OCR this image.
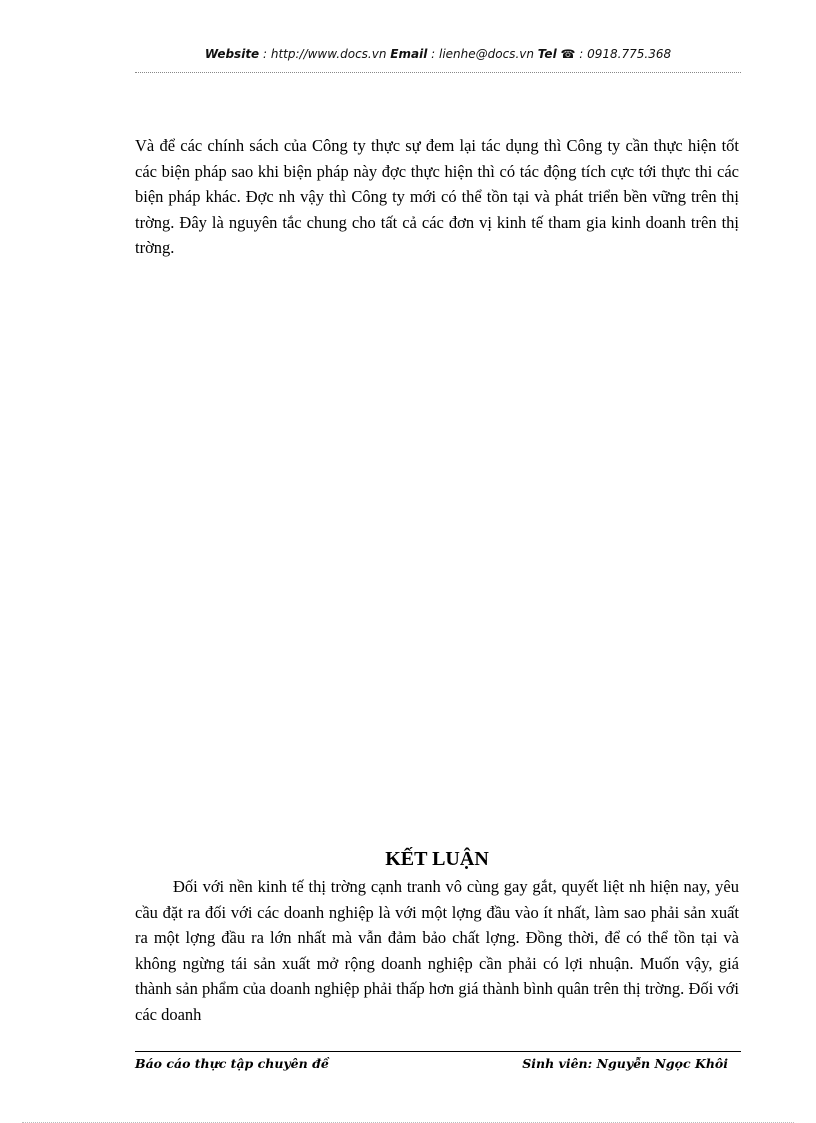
Website : http://www.docs.vn Email : lienhe@docs.vn Tel ☎ : 0918.775.368
Và để các chính sách của Công ty thực sự đem lại tác dụng thì Công ty cần thực hiện tốt các biện pháp sao khi biện pháp này đợc thực hiện thì có tác động tích cực tới thực thi các biện pháp khác. Đợc nh vậy thì Công ty mới có thể tồn tại và phát triển bền vững trên thị trờng. Đây là nguyên tắc chung cho tất cả các đơn vị kinh tế tham gia kinh doanh trên thị trờng.
KẾT LUẬN
Đối với nền kinh tế thị trờng cạnh tranh vô cùng gay gắt, quyết liệt nh hiện nay, yêu cầu đặt ra đối với các doanh nghiệp là với một lợng đầu vào ít nhất, làm sao phải sản xuất ra một lợng đầu ra lớn nhất mà vẫn đảm bảo chất lợng. Đồng thời, để có thể tồn tại và không ngừng tái sản xuất mở rộng doanh nghiệp cần phải có lợi nhuận. Muốn vậy, giá thành sản phẩm của doanh nghiệp phải thấp hơn giá thành bình quân trên thị trờng. Đối với các doanh
Báo cáo thực tập chuyên đề	Sinh viên: Nguyễn Ngọc Khôi
